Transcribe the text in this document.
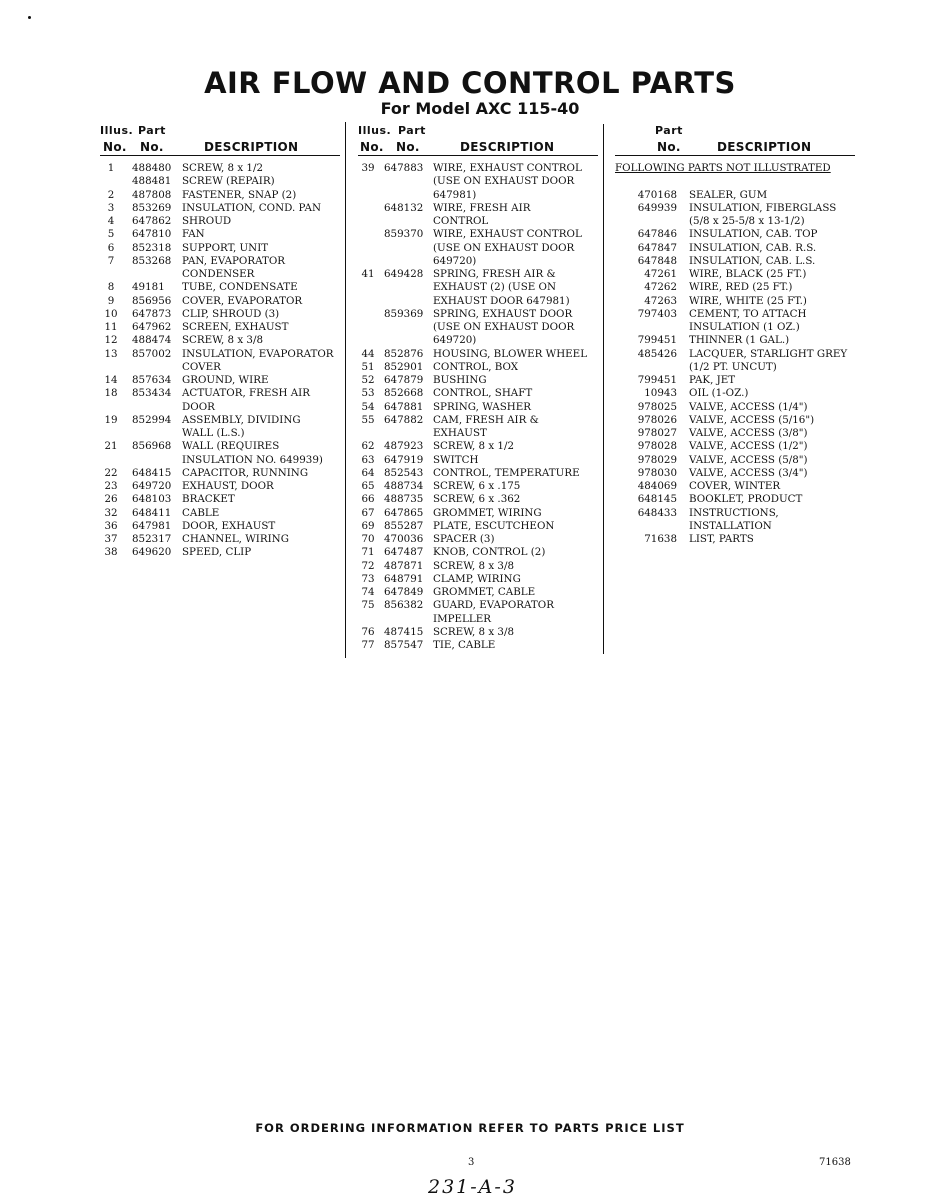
AIR FLOW AND CONTROL PARTS
For Model AXC 115-40
Illus. Part
No. No.	DESCRIPTION
1	488480 SCREW, 8 x 1/2
488481 SCREW (REPAIR)
2	487808 FASTENER, SNAP (2)
3	853269 INSULATION, COND. PAN
4	647862 SHROUD
5	647810 FAN
6	852318 SUPPORT, UNIT
7	853268 PAN, EVAPORATOR
CONDENSER
8	49181 TUBE, CONDENSATE
9	856956 COVER, EVAPORATOR
10	647873 CLIP, SHROUD (3)
11	647962 SCREEN, EXHAUST
12	488474 SCREW, 8 x 3/8
13	857002 INSULATION, EVAPORATOR
COVER
14	857634 GROUND, WIRE
18	853434 ACTUATOR, FRESH AIR
DOOR
19	852994 ASSEMBLY, DIVIDING
WALL (L.S.)
21	856968 WALL (REQUIRES
INSULATION NO. 649939)
22	648415 CAPACITOR, RUNNING
23	649720 EXHAUST, DOOR
26	648103 BRACKET
32	648411 CABLE
36	647981 DOOR, EXHAUST
37	852317 CHANNEL, WIRING
38	649620 SPEED, CLIP
Illus. Part
No. No.	DESCRIPTION
39 647883 WIRE, EXHAUST CONTROL
(USE ON EXHAUST DOOR
647981)
648132 WIRE, FRESH AIR
CONTROL
859370 WIRE, EXHAUST CONTROL
(USE ON EXHAUST DOOR
649720)
41 649428 SPRING, FRESH AIR &
EXHAUST (2) (USE ON
EXHAUST DOOR 647981)
859369 SPRING, EXHAUST DOOR
(USE ON EXHAUST DOOR
649720)
44 852876 HOUSING, BLOWER WHEEL
51 852901 CONTROL, BOX
52 647879 BUSHING
53 852668 CONTROL, SHAFT
54 647881 SPRING, WASHER
55 647882 CAM, FRESH AIR &
EXHAUST
62 487923 SCREW, 8 x 1/2
63 647919 SWITCH
64 852543 CONTROL, TEMPERATURE
65 488734 SCREW, 6 x .175
66 488735 SCREW, 6 x .362
67 647865 GROMMET, WIRING
69 855287 PLATE, ESCUTCHEON
70 470036 SPACER (3)
71 647487 KNOB, CONTROL (2)
72 487871 SCREW, 8 x 3/8
73 648791 CLAMP, WIRING
74 647849 GROMMET, CABLE
75 856382 GUARD, EVAPORATOR
IMPELLER
76 487415 SCREW, 8 x 3/8
77 857547 TIE, CABLE
Part
No.	DESCRIPTION
FOLLOWING PARTS NOT ILLUSTRATED
470168 SEALER, GUM
649939 INSULATION, FIBERGLASS
(5/8 x 25-5/8 x 13-1/2)
647846 INSULATION, CAB. TOP
647847 INSULATION, CAB. R.S.
647848 INSULATION, CAB. L.S.
47261 WIRE, BLACK (25 FT.)
47262 WIRE, RED (25 FT.)
47263 WIRE, WHITE (25 FT.)
797403 CEMENT, TO ATTACH
INSULATION (1 OZ.)
799451 THINNER (1 GAL.)
485426 LACQUER, STARLIGHT GREY
(1/2 PT. UNCUT)
799451 PAK, JET
10943 OIL (1-OZ.)
978025 VALVE, ACCESS (1/4")
978026 VALVE, ACCESS (5/16")
978027 VALVE, ACCESS (3/8")
978028 VALVE, ACCESS (1/2")
978029 VALVE, ACCESS (5/8")
978030 VALVE, ACCESS (3/4")
484069 COVER, WINTER
648145 BOOKLET, PRODUCT
648433 INSTRUCTIONS,
INSTALLATION
71638 LIST, PARTS
FOR ORDERING INFORMATION REFER TO PARTS PRICE LIST
3	71638
231-A-3
